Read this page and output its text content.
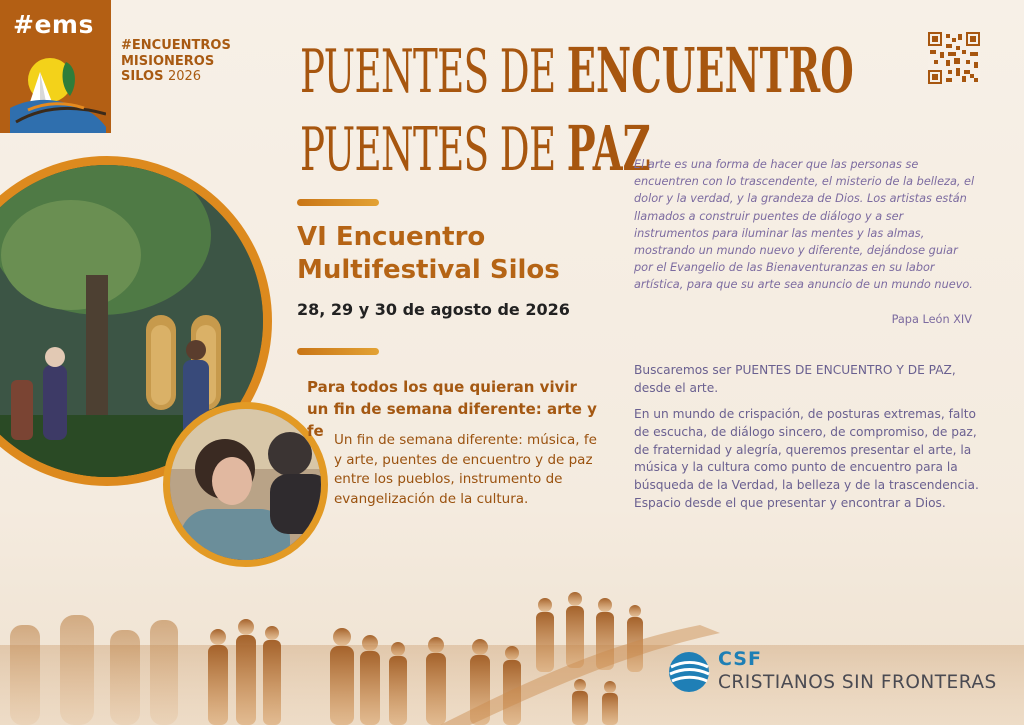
#ems
#ENCUENTROS
MISIONEROS
SILOS 2026	PUENTES DE ENCUENTRO
PUENTES DE PAZ
VI Encuentro
Multifestival Silos
28, 29 y 30 de agosto de 2026
Para todos los que quieran vivir un fin de semana diferente: arte y fe Un fin de semana diferente: música, fe y arte, puentes de encuentro y de paz entre los pueblos, instrumento de evangelización de la cultura.
El arte es una forma de hacer que las personas se encuentren con lo trascendente, el misterio de la belleza, el dolor y la verdad, y la grandeza de Dios. Los artistas están llamados a construir puentes de diálogo y a ser instrumentos para iluminar las mentes y las almas, mostrando un mundo nuevo y diferente, dejándose guiar por el Evangelio de las Bienaventuranzas en su labor artística, para que su arte sea anuncio de un mundo nuevo.
Papa León XIV
Buscaremos ser PUENTES DE ENCUENTRO Y DE PAZ, desde el arte.
En un mundo de crispación, de posturas extremas, falto de escucha, de diálogo sincero, de compromiso, de paz, de fraternidad y alegría, queremos presentar el arte, la música y la cultura como punto de encuentro para la búsqueda de la Verdad, la belleza y de la trascendencia. Espacio desde el que presentar y encontrar a Dios.
CSF
CRISTIANOS SIN FRONTERAS
